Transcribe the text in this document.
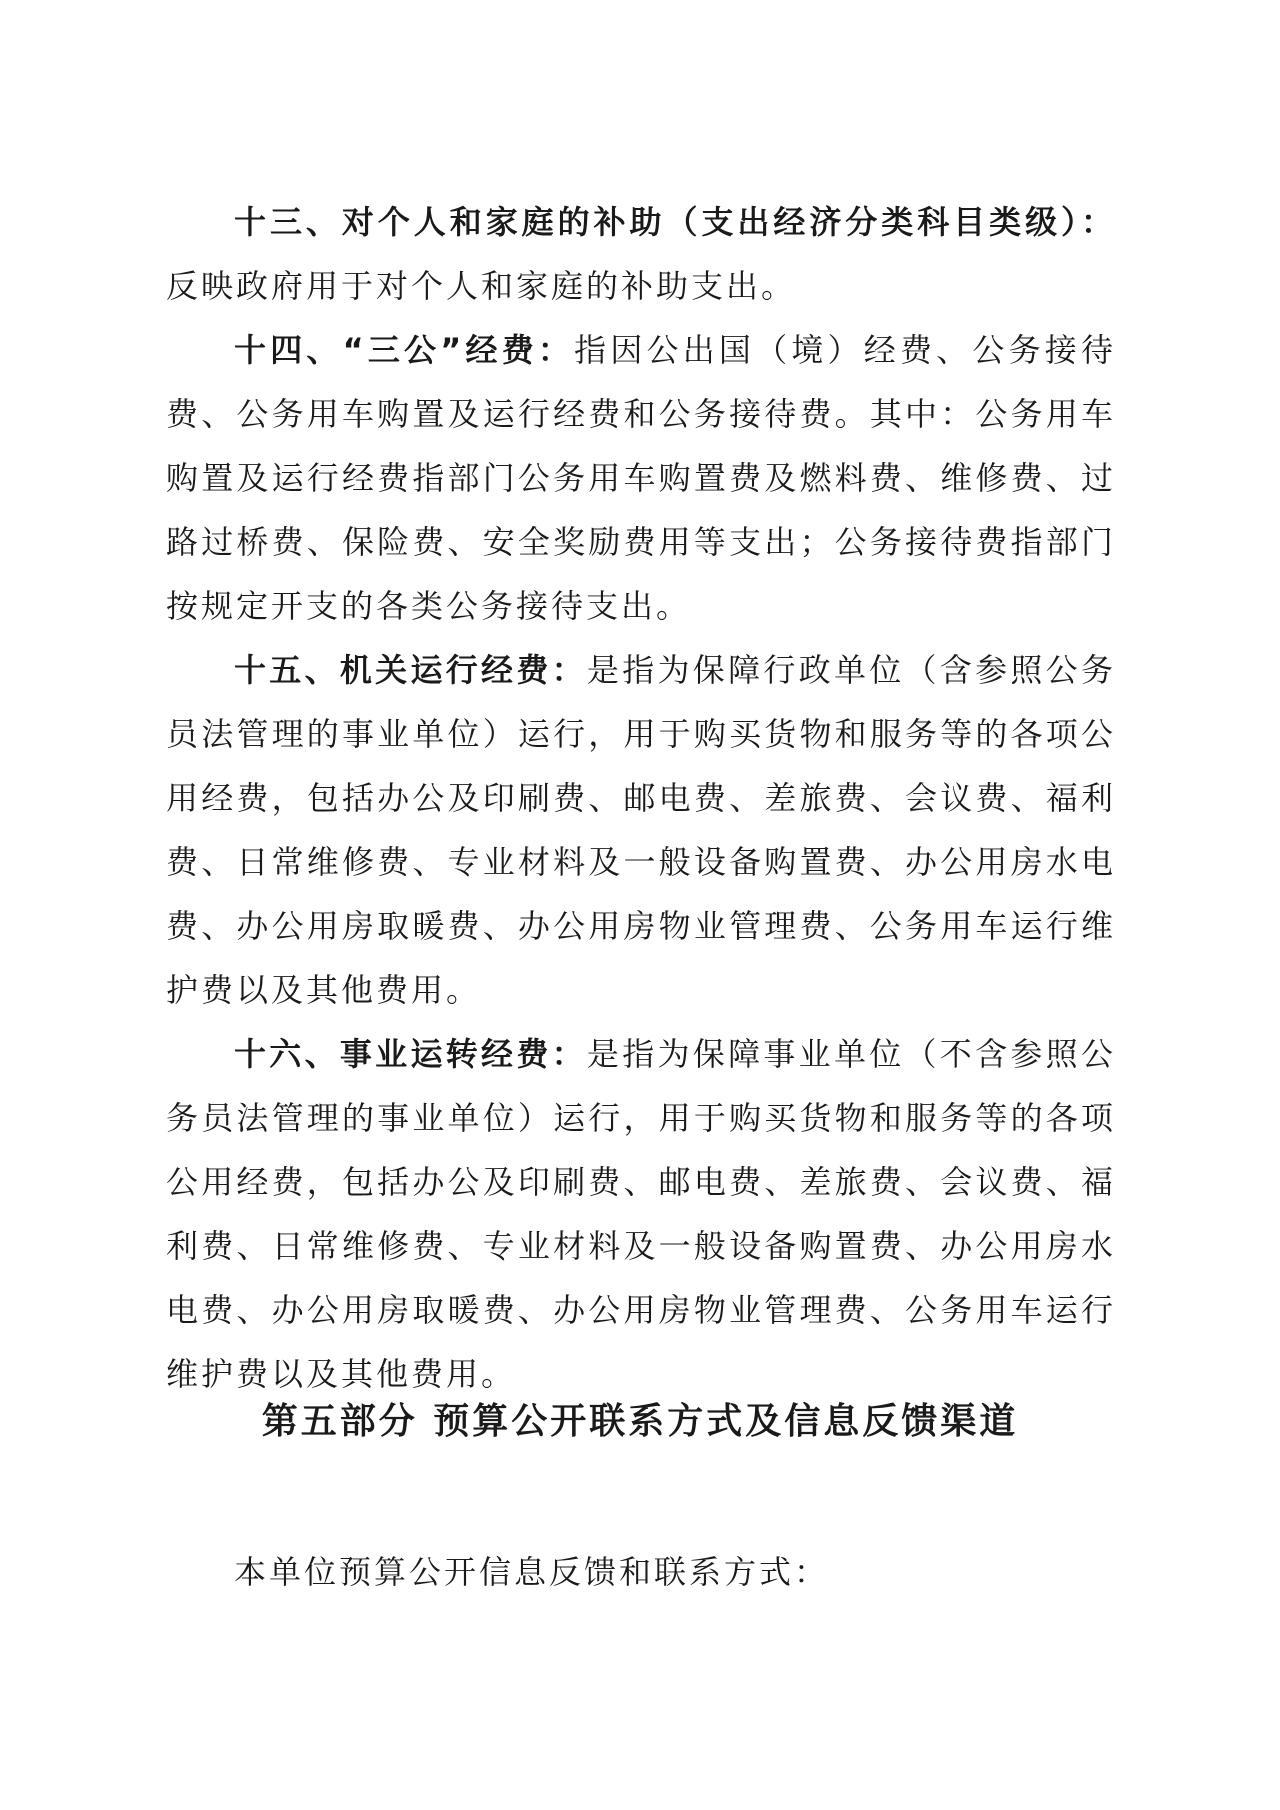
十三、对个人和家庭的补助（支出经济分类科目类级）：反映政府用于对个人和家庭的补助支出。

十四、“三公”经费：指因公出国（境）经费、公务接待费、公务用车购置及运行经费和公务接待费。其中：公务用车购置及运行经费指部门公务用车购置费及燃料费、维修费、过路过桥费、保险费、安全奖励费用等支出；公务接待费指部门按规定开支的各类公务接待支出。

十五、机关运行经费：是指为保障行政单位（含参照公务员法管理的事业单位）运行，用于购买货物和服务等的各项公用经费，包括办公及印刷费、邮电费、差旅费、会议费、福利费、日常维修费、专业材料及一般设备购置费、办公用房水电费、办公用房取暖费、办公用房物业管理费、公务用车运行维护费以及其他费用。

十六、事业运转经费：是指为保障事业单位（不含参照公务员法管理的事业单位）运行，用于购买货物和服务等的各项公用经费，包括办公及印刷费、邮电费、差旅费、会议费、福利费、日常维修费、专业材料及一般设备购置费、办公用房水电费、办公用房取暖费、办公用房物业管理费、公务用车运行维护费以及其他费用。

第五部分 预算公开联系方式及信息反馈渠道

本单位预算公开信息反馈和联系方式：
